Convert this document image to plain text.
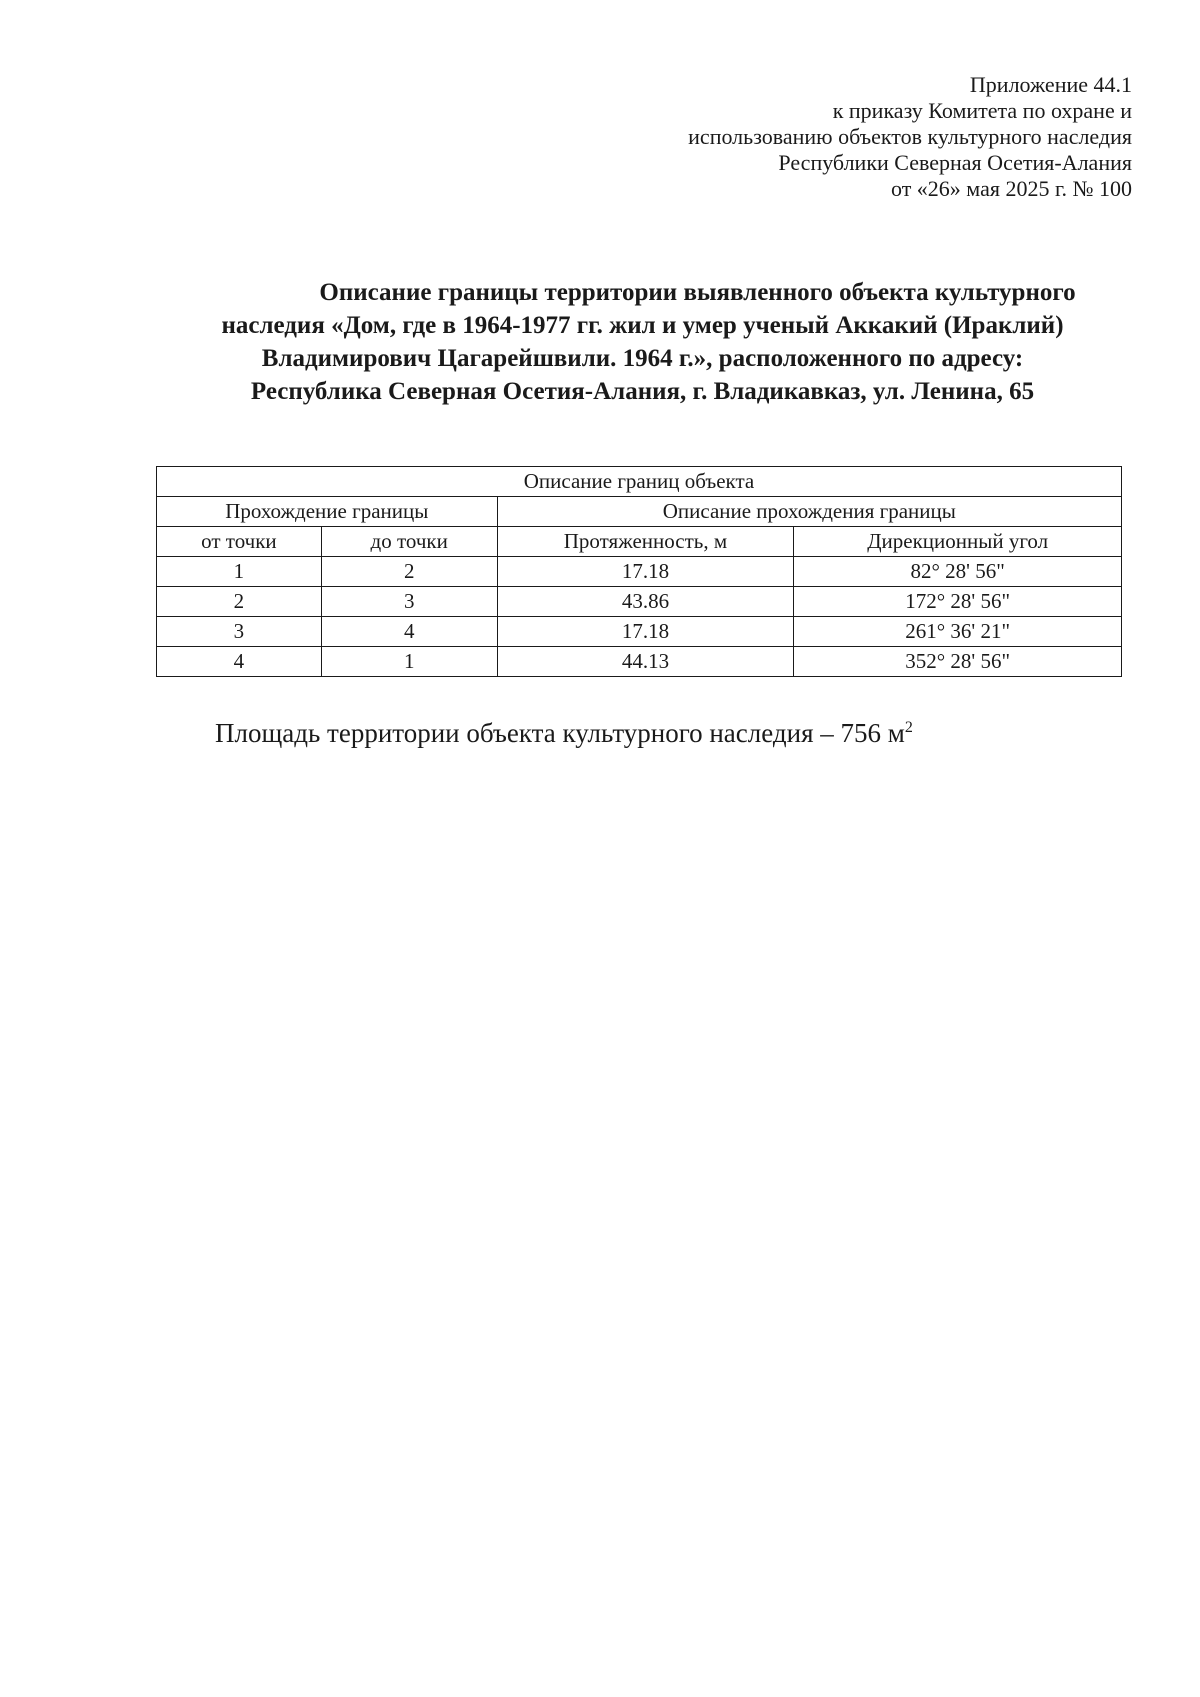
Приложение 44.1
к приказу Комитета по охране и
использованию объектов культурного наследия
Республики Северная Осетия-Алания
от «26» мая 2025 г. № 100
Описание границы территории выявленного объекта культурного
наследия «Дом, где в 1964-1977 гг. жил и умер ученый Аккакий (Ираклий)
Владимирович Цагарейшвили. 1964 г.», расположенного по адресу:
Республика Северная Осетия-Алания, г. Владикавказ, ул. Ленина, 65
Описание границ объекта			
Прохождение границы		Описание прохождения границы	
от точки	до точки	Протяженность, м	Дирекционный угол
1	2	17.18	82° 28' 56"
2	3	43.86	172° 28' 56"
3	4	17.18	261° 36' 21"
4	1	44.13	352° 28' 56"
Площадь территории объекта культурного наследия – 756 $м^2$
